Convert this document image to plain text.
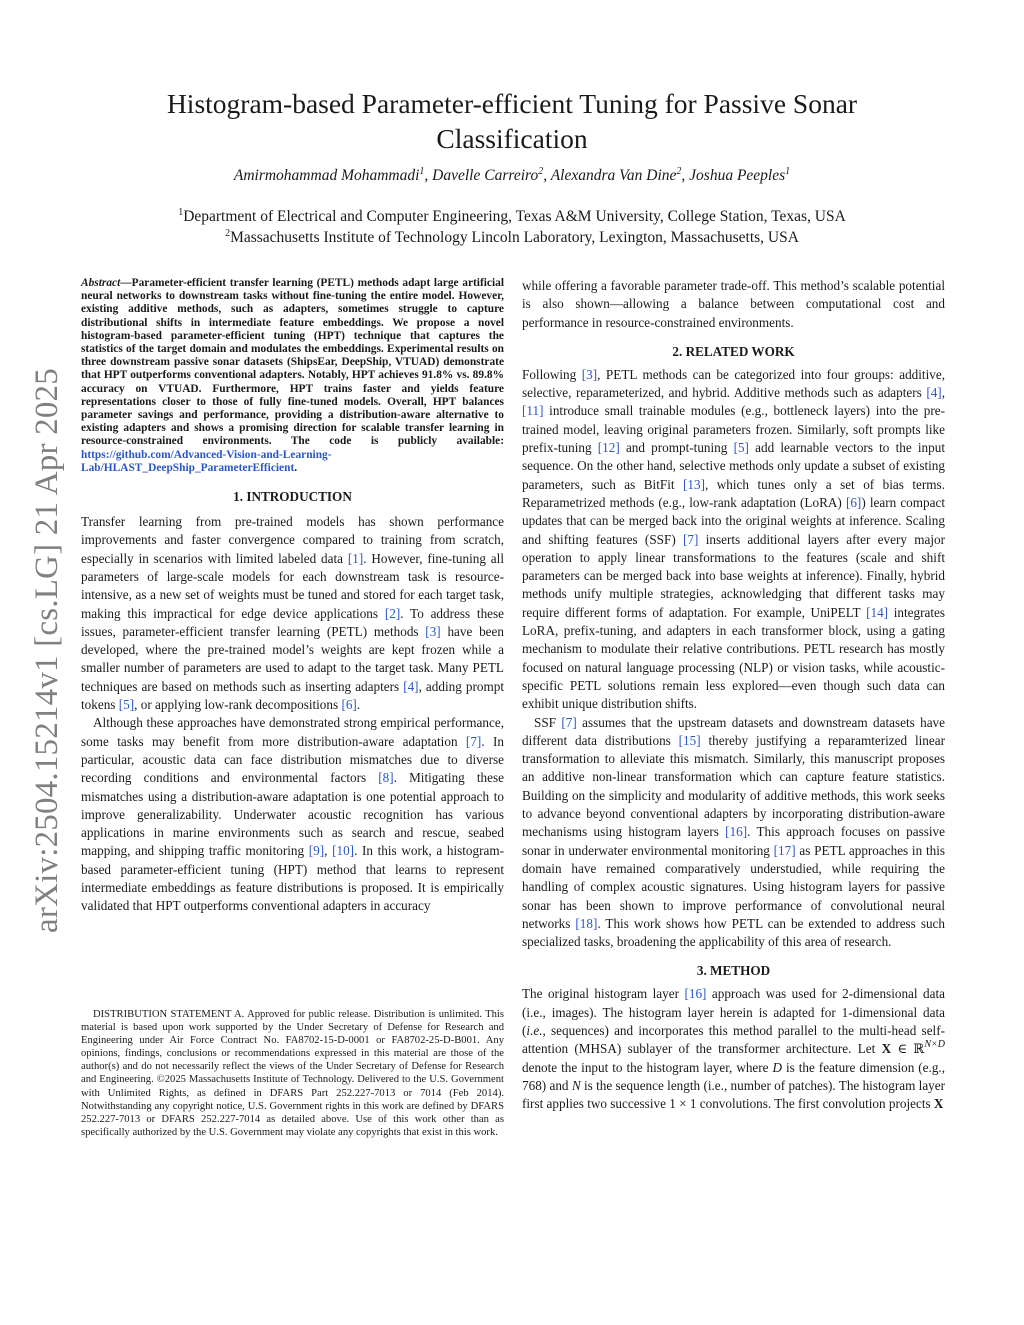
arXiv:2504.15214v1 [cs.LG] 21 Apr 2025
Histogram-based Parameter-efficient Tuning for Passive Sonar Classification
Amirmohammad Mohammadi$^1$, Davelle Carreiro$^2$, Alexandra Van Dine$^2$, Joshua Peeples$^1$
$^1$Department of Electrical and Computer Engineering, Texas A&M University, College Station, Texas, USA
$^2$Massachusetts Institute of Technology Lincoln Laboratory, Lexington, Massachusetts, USA

Abstract—Parameter-efficient transfer learning (PETL) methods adapt large artificial neural networks to downstream tasks without fine-tuning the entire model. However, existing additive methods, such as adapters, sometimes struggle to capture distributional shifts in intermediate feature embeddings. We propose a novel histogram-based parameter-efficient tuning (HPT) technique that captures the statistics of the target domain and modulates the embeddings. Experimental results on three downstream passive sonar datasets (ShipsEar, DeepShip, VTUAD) demonstrate that HPT outperforms conventional adapters. Notably, HPT achieves 91.8% vs. 89.8% accuracy on VTUAD. Furthermore, HPT trains faster and yields feature representations closer to those of fully fine-tuned models. Overall, HPT balances parameter savings and performance, providing a distribution-aware alternative to existing adapters and shows a promising direction for scalable transfer learning in resource-constrained environments. The code is publicly available: https://github.com/Advanced-Vision-and-Learning-Lab/HLAST_DeepShip_ParameterEfficient.

1. INTRODUCTION

Transfer learning from pre-trained models has shown performance improvements and faster convergence compared to training from scratch, especially in scenarios with limited labeled data [1]. However, fine-tuning all parameters of large-scale models for each downstream task is resource-intensive, as a new set of weights must be tuned and stored for each target task, making this impractical for edge device applications [2]. To address these issues, parameter-efficient transfer learning (PETL) methods [3] have been developed, where the pre-trained model’s weights are kept frozen while a smaller number of parameters are used to adapt to the target task. Many PETL techniques are based on methods such as inserting adapters [4], adding prompt tokens [5], or applying low-rank decompositions [6].

Although these approaches have demonstrated strong empirical performance, some tasks may benefit from more distribution-aware adaptation [7]. In particular, acoustic data can face distribution mismatches due to diverse recording conditions and environmental factors [8]. Mitigating these mismatches using a distribution-aware adaptation is one potential approach to improve generalizability. Underwater acoustic recognition has various applications in marine environments such as search and rescue, seabed mapping, and shipping traffic monitoring [9], [10]. In this work, a histogram-based parameter-efficient tuning (HPT) method that learns to represent intermediate embeddings as feature distributions is proposed. It is empirically validated that HPT outperforms conventional adapters in accuracy

DISTRIBUTION STATEMENT A. Approved for public release. Distribution is unlimited. This material is based upon work supported by the Under Secretary of Defense for Research and Engineering under Air Force Contract No. FA8702-15-D-0001 or FA8702-25-D-B001. Any opinions, findings, conclusions or recommendations expressed in this material are those of the author(s) and do not necessarily reflect the views of the Under Secretary of Defense for Research and Engineering. ©2025 Massachusetts Institute of Technology. Delivered to the U.S. Government with Unlimited Rights, as defined in DFARS Part 252.227-7013 or 7014 (Feb 2014). Notwithstanding any copyright notice, U.S. Government rights in this work are defined by DFARS 252.227-7013 or DFARS 252.227-7014 as detailed above. Use of this work other than as specifically authorized by the U.S. Government may violate any copyrights that exist in this work.

while offering a favorable parameter trade-off. This method’s scalable potential is also shown—allowing a balance between computational cost and performance in resource-constrained environments.

2. RELATED WORK

Following [3], PETL methods can be categorized into four groups: additive, selective, reparameterized, and hybrid. Additive methods such as adapters [4], [11] introduce small trainable modules (e.g., bottleneck layers) into the pre-trained model, leaving original parameters frozen. Similarly, soft prompts like prefix-tuning [12] and prompt-tuning [5] add learnable vectors to the input sequence. On the other hand, selective methods only update a subset of existing parameters, such as BitFit [13], which tunes only a set of bias terms. Reparametrized methods (e.g., low-rank adaptation (LoRA) [6]) learn compact updates that can be merged back into the original weights at inference. Scaling and shifting features (SSF) [7] inserts additional layers after every major operation to apply linear transformations to the features (scale and shift parameters can be merged back into base weights at inference). Finally, hybrid methods unify multiple strategies, acknowledging that different tasks may require different forms of adaptation. For example, UniPELT [14] integrates LoRA, prefix-tuning, and adapters in each transformer block, using a gating mechanism to modulate their relative contributions. PETL research has mostly focused on natural language processing (NLP) or vision tasks, while acoustic-specific PETL solutions remain less explored—even though such data can exhibit unique distribution shifts.

SSF [7] assumes that the upstream datasets and downstream datasets have different data distributions [15] thereby justifying a reparamterized linear transformation to alleviate this mismatch. Similarly, this manuscript proposes an additive non-linear transformation which can capture feature statistics. Building on the simplicity and modularity of additive methods, this work seeks to advance beyond conventional adapters by incorporating distribution-aware mechanisms using histogram layers [16]. This approach focuses on passive sonar in underwater environmental monitoring [17] as PETL approaches in this domain have remained comparatively understudied, while requiring the handling of complex acoustic signatures. Using histogram layers for passive sonar has been shown to improve performance of convolutional neural networks [18]. This work shows how PETL can be extended to address such specialized tasks, broadening the applicability of this area of research.

3. METHOD

The original histogram layer [16] approach was used for 2-dimensional data (i.e., images). The histogram layer herein is adapted for 1-dimensional data (i.e., sequences) and incorporates this method parallel to the multi-head self-attention (MHSA) sublayer of the transformer architecture. Let X ∈ ℝ$^{N\times D}$ denote the input to the histogram layer, where D is the feature dimension (e.g., 768) and N is the sequence length (i.e., number of patches). The histogram layer first applies two successive 1 × 1 convolutions. The first convolution projects X
